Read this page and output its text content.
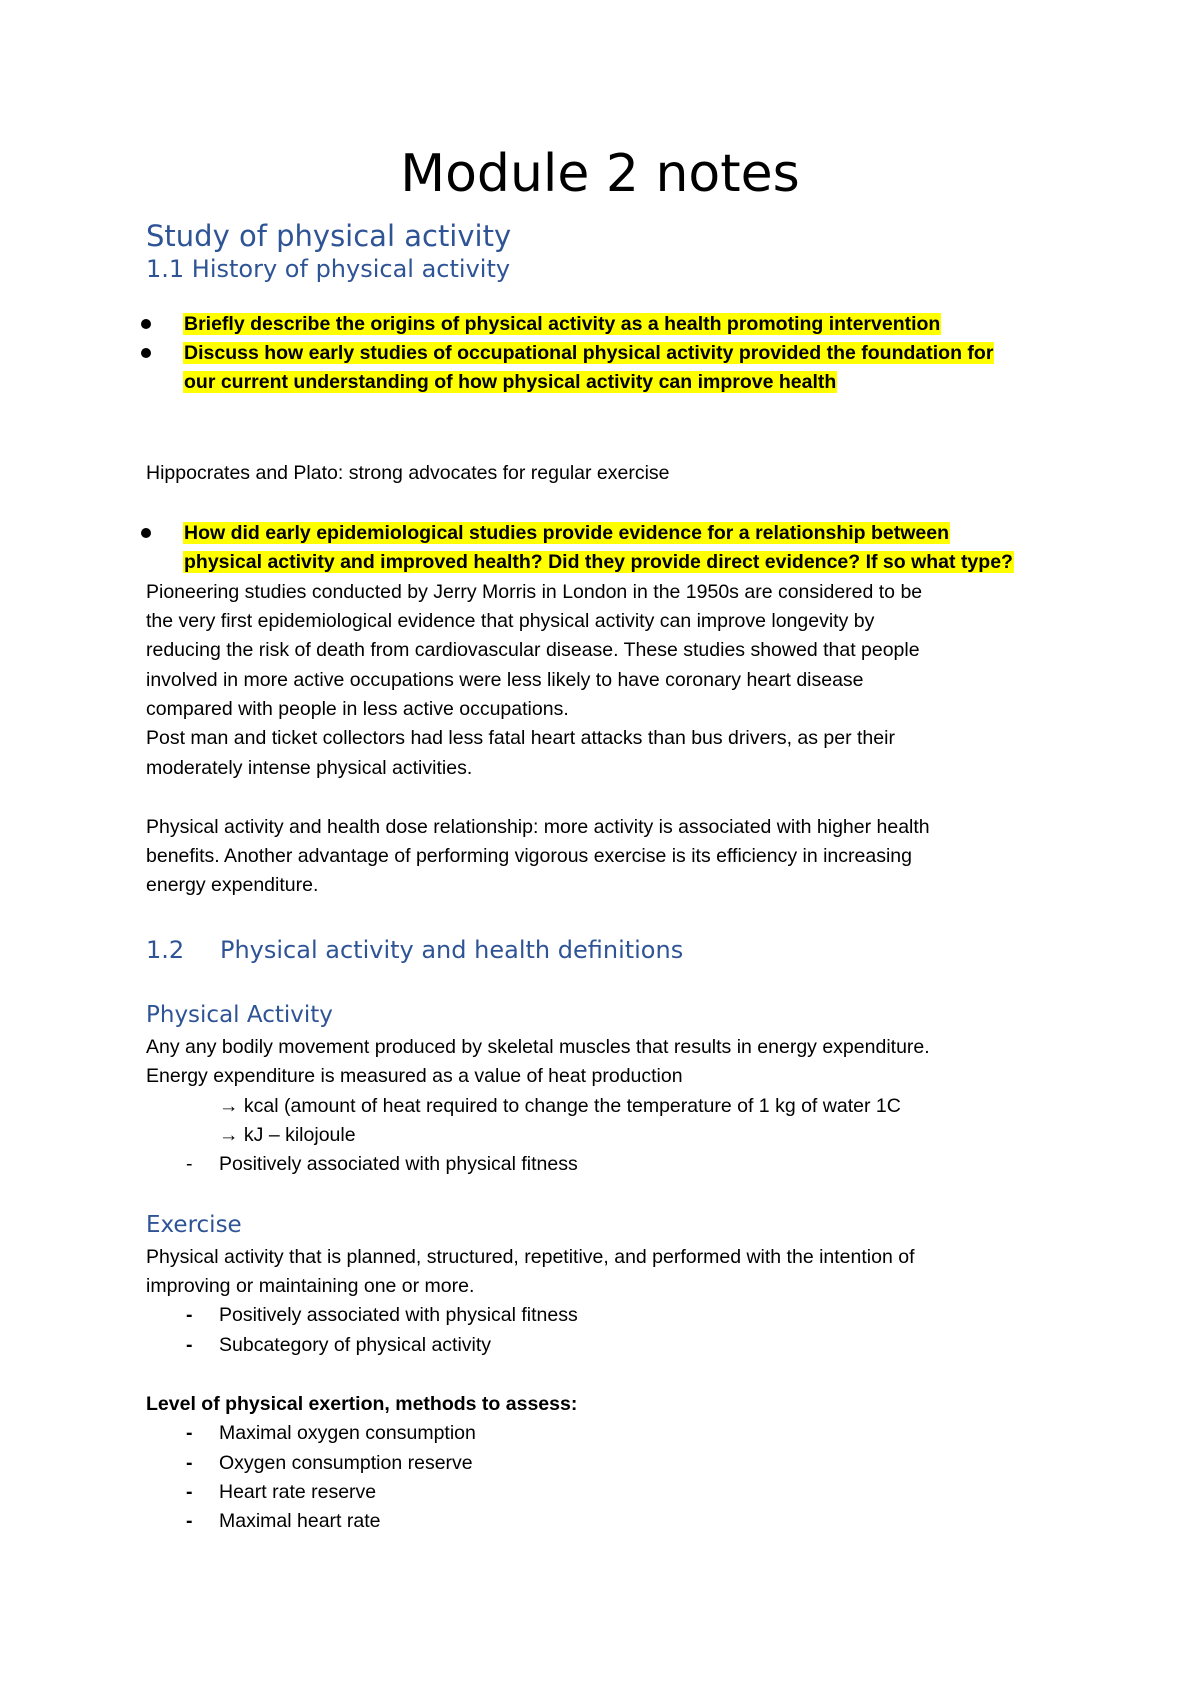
Module 2 notes
Study of physical activity
1.1 History of physical activity
Briefly describe the origins of physical activity as a health promoting intervention
Discuss how early studies of occupational physical activity provided the foundation for
our current understanding of how physical activity can improve health
Hippocrates and Plato: strong advocates for regular exercise
How did early epidemiological studies provide evidence for a relationship between
physical activity and improved health? Did they provide direct evidence? If so what type?
Pioneering studies conducted by Jerry Morris in London in the 1950s are considered to be
the very first epidemiological evidence that physical activity can improve longevity by
reducing the risk of death from cardiovascular disease. These studies showed that people
involved in more active occupations were less likely to have coronary heart disease
compared with people in less active occupations.
Post man and ticket collectors had less fatal heart attacks than bus drivers, as per their
moderately intense physical activities.
Physical activity and health dose relationship: more activity is associated with higher health
benefits. Another advantage of performing vigorous exercise is its efficiency in increasing
energy expenditure.
1.2 Physical activity and health definitions
Physical Activity
Any any bodily movement produced by skeletal muscles that results in energy expenditure.
Energy expenditure is measured as a value of heat production
→ kcal (amount of heat required to change the temperature of 1 kg of water 1C
→ kJ – kilojoule
- Positively associated with physical fitness
Exercise
Physical activity that is planned, structured, repetitive, and performed with the intention of
improving or maintaining one or more.
- Positively associated with physical fitness
- Subcategory of physical activity
Level of physical exertion, methods to assess:
- Maximal oxygen consumption
- Oxygen consumption reserve
- Heart rate reserve
- Maximal heart rate
